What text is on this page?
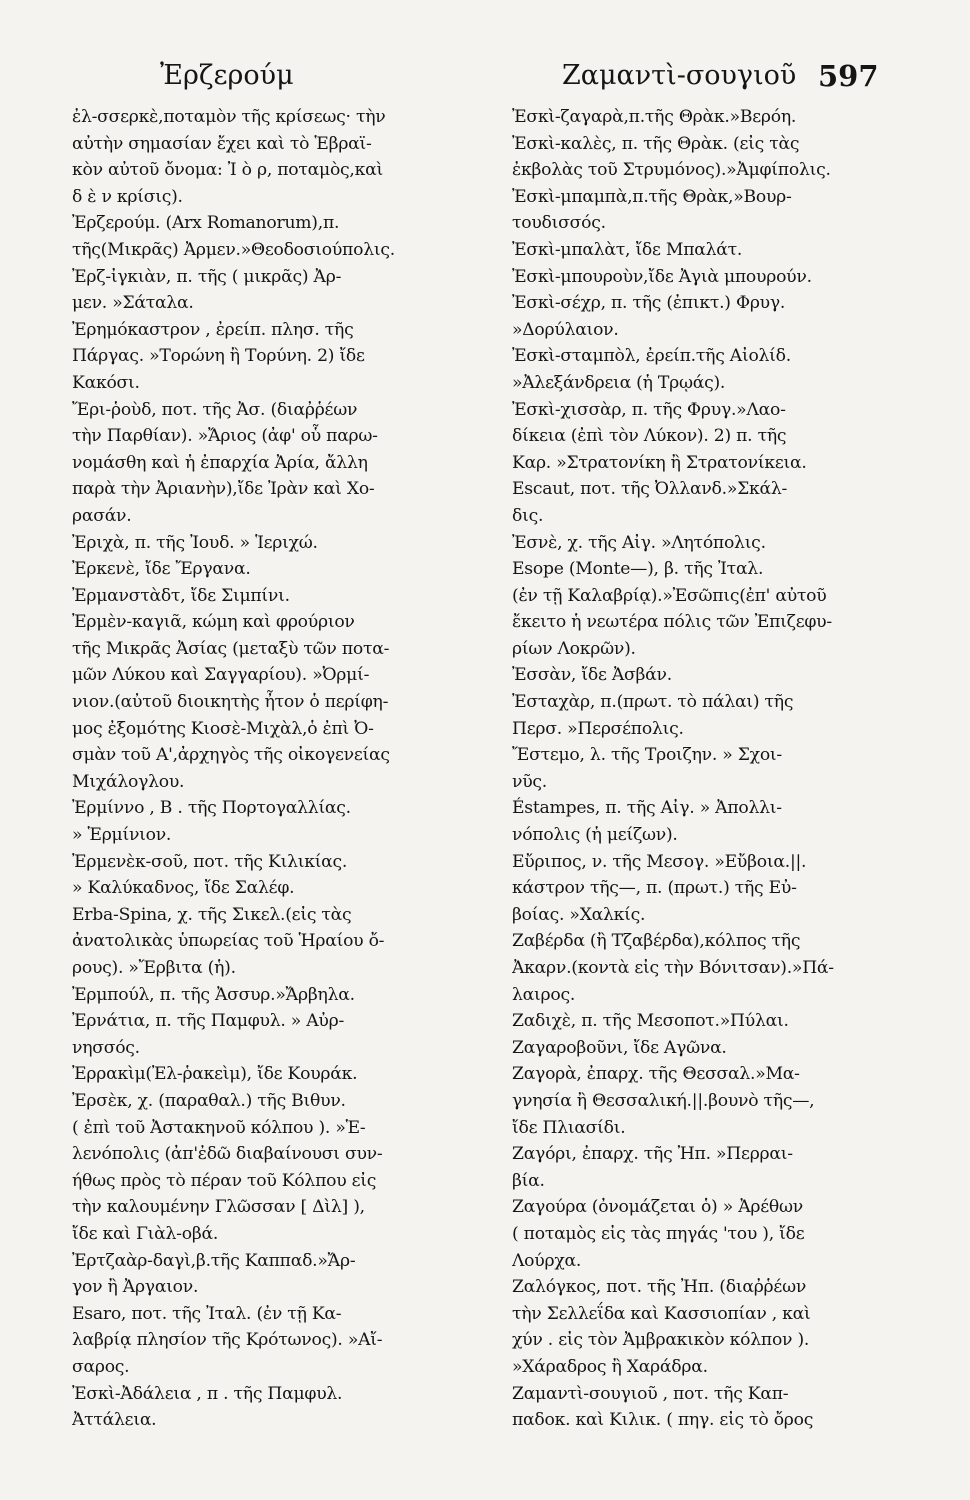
Ἐρζερούμ	Ζαμαντὶ-σουγιοῦ 597
ἐλ-σσερκὲ,ποταμὸν τῆς κρίσεως· τὴν
αὐτὴν σημασίαν ἔχει καὶ τὸ Ἑβραϊ-
κὸν αὐτοῦ ὄνομα: Ἰ ὸ ρ, ποταμὸς,καὶ
δ ὲ ν κρίσις).
Ἐρζερούμ. (Arx Romanorum),π.
τῆς(Μικρᾶς) Ἀρμεν.»Θεοδοσιούπολις.
Ἐρζ-ἰγκιὰν, π. τῆς ( μικρᾶς) Ἀρ-
μεν. »Σάταλα.
Ἐρημόκαστρον , ἐρείπ. πλησ. τῆς
Πάργας. »Τορώνη ἢ Τορύνη. 2) ἴδε
Κακόσι.
Ἔρι-ῥοὺδ, ποτ. τῆς Ἀσ. (διαῤῥέων
τὴν Παρθίαν). »Ἄριος (ἀφ' οὗ παρω-
νομάσθη καὶ ἡ ἐπαρχία Ἀρία, ἄλλη
παρὰ τὴν Ἀριανὴν),ἴδε Ἰρὰν καὶ Χο-
ρασάν.
Ἐριχὰ, π. τῆς Ἰουδ. » Ἱεριχώ.
Ἐρκενὲ, ἴδε Ἔργανα.
Ἐρμανστὰδτ, ἴδε Σιμπίνι.
Ἐρμὲν-καγιᾶ, κώμη καὶ φρούριον
τῆς Μικρᾶς Ἀσίας (μεταξὺ τῶν ποτα-
μῶν Λύκου καὶ Σαγγαρίου). »Ὀρμί-
νιον.(αὐτοῦ διοικητὴς ἦτον ὁ περίφη-
μος ἐξομότης Κιοσὲ-Μιχὰλ,ὁ ἐπὶ Ὀ-
σμὰν τοῦ Α',ἀρχηγὸς τῆς οἰκογενείας
Μιχάλογλου.
Ἐρμίννο , Β . τῆς Πορτογαλλίας.
» Ἑρμίνιον.
Ἐρμενὲκ-σοῦ, ποτ. τῆς Κιλικίας.
» Καλύκαδνος, ἴδε Σαλέφ.
Erba-Spina, χ. τῆς Σικελ.(εἰς τὰς
ἀνατολικὰς ὑπωρείας τοῦ Ἡραίου ὄ-
ρους). »Ἔρβιτα (ἡ).
Ἐρμπούλ, π. τῆς Ἀσσυρ.»Ἄρβηλα.
Ἐρνάτια, π. τῆς Παμφυλ. » Αὐρ-
νησσός.
Ἐρρακὶμ(Ἐλ-ῥακεὶμ), ἴδε Κουράκ.
Ἐρσὲκ, χ. (παραθαλ.) τῆς Βιθυν.
( ἐπὶ τοῦ Ἀστακηνοῦ κόλπου ). »Ἑ-
λενόπολις (ἀπ'ἐδῶ διαβαίνουσι συν-
ήθως πρὸς τὸ πέραν τοῦ Κόλπου εἰς
τὴν καλουμένην Γλῶσσαν [ Δὶλ] ),
ἴδε καὶ Γιὰλ-οβά.
Ἐρτζαὰρ-δαγὶ,β.τῆς Καππαδ.»Ἄρ-
γον ἢ Ἀργαιον.
Esaro, ποτ. τῆς Ἰταλ. (ἐν τῇ Κα-
λαβρίᾳ πλησίον τῆς Κρότωνος). »Αἴ-
σαρος.
Ἐσκὶ-Ἀδάλεια , π . τῆς Παμφυλ.
Ἀττάλεια.
Ἐσκὶ-ζαγαρὰ,π.τῆς Θρὰκ.»Βερόη.
Ἐσκὶ-καλὲς, π. τῆς Θρὰκ. (εἰς τὰς
ἐκβολὰς τοῦ Στρυμόνος).»Ἀμφίπολις.
Ἐσκὶ-μπαμπὰ,π.τῆς Θρὰκ,»Βουρ-
τουδισσός.
Ἐσκὶ-μπαλὰτ, ἴδε Μπαλάτ.
Ἐσκὶ-μπουροὺν,ἴδε Ἀγιὰ μπουρούν.
Ἐσκὶ-σέχρ, π. τῆς (ἐπικτ.) Φρυγ.
»Δορύλαιον.
Ἐσκὶ-σταμπὸλ, ἐρείπ.τῆς Αἰολίδ.
»Ἀλεξάνδρεια (ἡ Τρῳάς).
Ἐσκὶ-χισσὰρ, π. τῆς Φρυγ.»Λαο-
δίκεια (ἐπὶ τὸν Λύκον). 2) π. τῆς
Καρ. »Στρατονίκη ἢ Στρατονίκεια.
Escaut, ποτ. τῆς Ὀλλανδ.»Σκάλ-
δις.
Ἐσνὲ, χ. τῆς Αἰγ. »Λητόπολις.
Esope (Monte—), β. τῆς Ἰταλ.
(ἐν τῇ Καλαβρίᾳ).»Ἐσῶπις(ἐπ' αὐτοῦ
ἔκειτο ἡ νεωτέρα πόλις τῶν Ἐπιζεφυ-
ρίων Λοκρῶν).
Ἐσσὰν, ἴδε Ἀσβάν.
Ἐσταχὰρ, π.(πρωτ. τὸ πάλαι) τῆς
Περσ. »Περσέπολις.
Ἔστεμο, λ. τῆς Τροιζην. » Σχοι-
νῦς.
Éstampes, π. τῆς Αἰγ. » Ἀπολλι-
νόπολις (ἡ μείζων).
Εὔριπος, ν. τῆς Μεσογ. »Εὔβοια.||.
κάστρον τῆς—, π. (πρωτ.) τῆς Εὐ-
βοίας. »Χαλκίς.
Ζαβέρδα (ἢ Τζαβέρδα),κόλπος τῆς
Ἀκαρν.(κοντὰ εἰς τὴν Βόνιτσαν).»Πά-
λαιρος.
Ζαδιχὲ, π. τῆς Μεσοποτ.»Πύλαι.
Ζαγαροβοῦνι, ἴδε Αγῶνα.
Ζαγορὰ, ἐπαρχ. τῆς Θεσσαλ.»Μα-
γνησία ἢ Θεσσαλική.||.βουνὸ τῆς—,
ἴδε Πλιασίδι.
Ζαγόρι, ἐπαρχ. τῆς Ἠπ. »Περραι-
βία.
Ζαγούρα (ὀνομάζεται ὁ) » Ἀρέθων
( ποταμὸς εἰς τὰς πηγάς 'του ), ἴδε
Λούρχα.
Ζαλόγκος, ποτ. τῆς Ἠπ. (διαῤῥέων
τὴν Σελλεΐδα καὶ Κασσιοπίαν , καὶ
χύν . εἰς τὸν Ἀμβρακικὸν κόλπον ).
»Χάραδρος ἢ Χαράδρα.
Ζαμαντὶ-σουγιοῦ , ποτ. τῆς Καπ-
παδοκ. καὶ Κιλικ. ( πηγ. εἰς τὸ ὄρος
